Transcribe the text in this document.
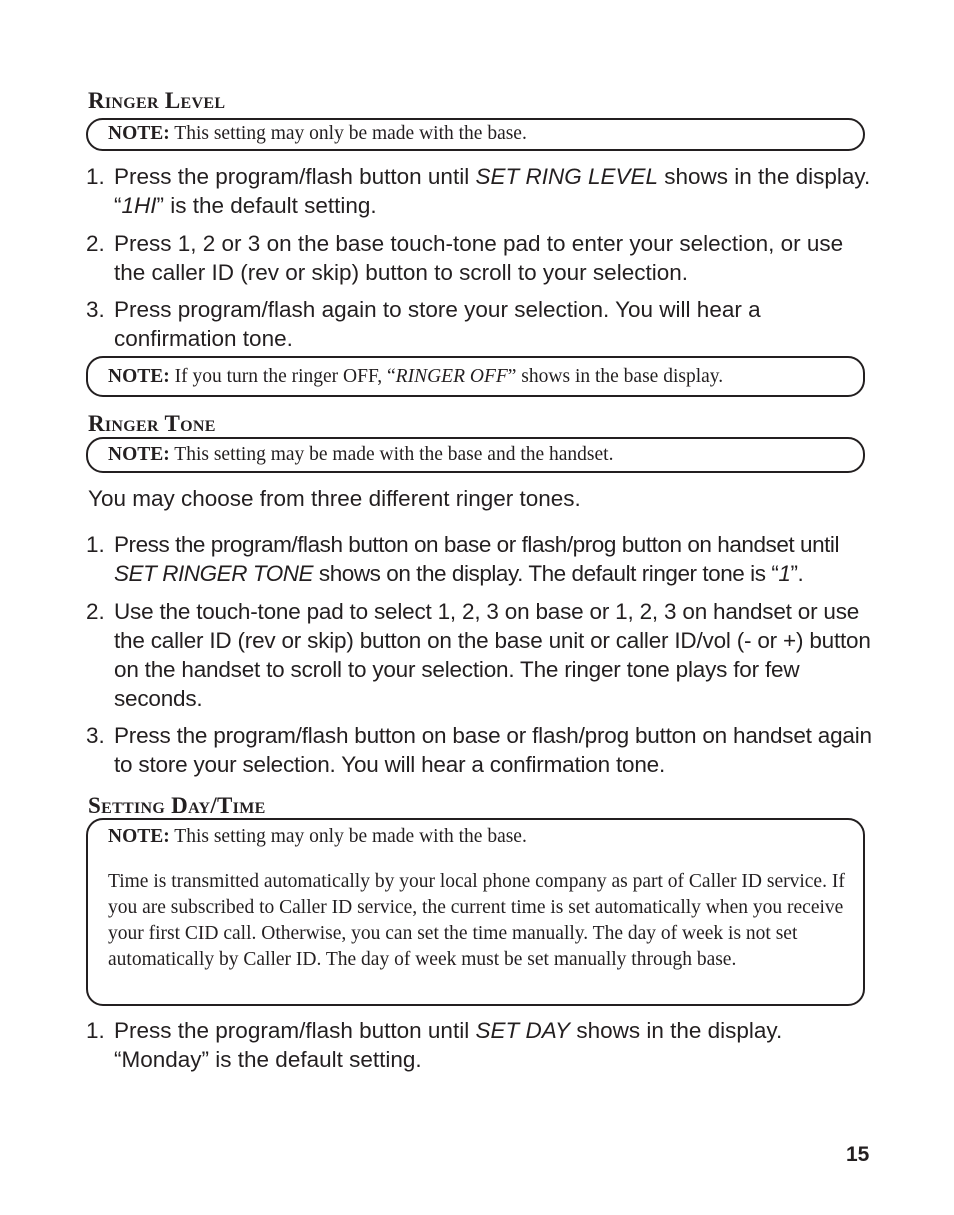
Ringer Level

NOTE: This setting may only be made with the base.

1. Press the program/flash button until SET RING LEVEL shows in the display. “1HI” is the default setting.

2. Press 1, 2 or 3 on the base touch-tone pad to enter your selection, or use the caller ID (rev or skip) button to scroll to your selection.

3. Press program/flash again to store your selection. You will hear a confirmation tone.

NOTE: If you turn the ringer OFF, “RINGER OFF” shows in the base display.

Ringer Tone

NOTE: This setting may be made with the base and the handset.

You may choose from three different ringer tones.

1. Press the program/flash button on base or flash/prog button on handset until SET RINGER TONE shows on the display. The default ringer tone is “1”.

2. Use the touch-tone pad to select 1, 2, 3 on base or 1, 2, 3 on handset or use the caller ID (rev or skip) button on the base unit or caller ID/vol (- or +) button on the handset to scroll to your selection. The ringer tone plays for few seconds.

3. Press the program/flash button on base or flash/prog button on handset again to store your selection. You will hear a confirmation tone.

Setting Day/Time

NOTE: This setting may only be made with the base.

Time is transmitted automatically by your local phone company as part of Caller ID service. If you are subscribed to Caller ID service, the current time is set automatically when you receive your first CID call. Otherwise, you can set the time manually. The day of week is not set automatically by Caller ID. The day of week must be set manually through base.

1. Press the program/flash button until SET DAY shows in the display. “Monday” is the default setting.

15
